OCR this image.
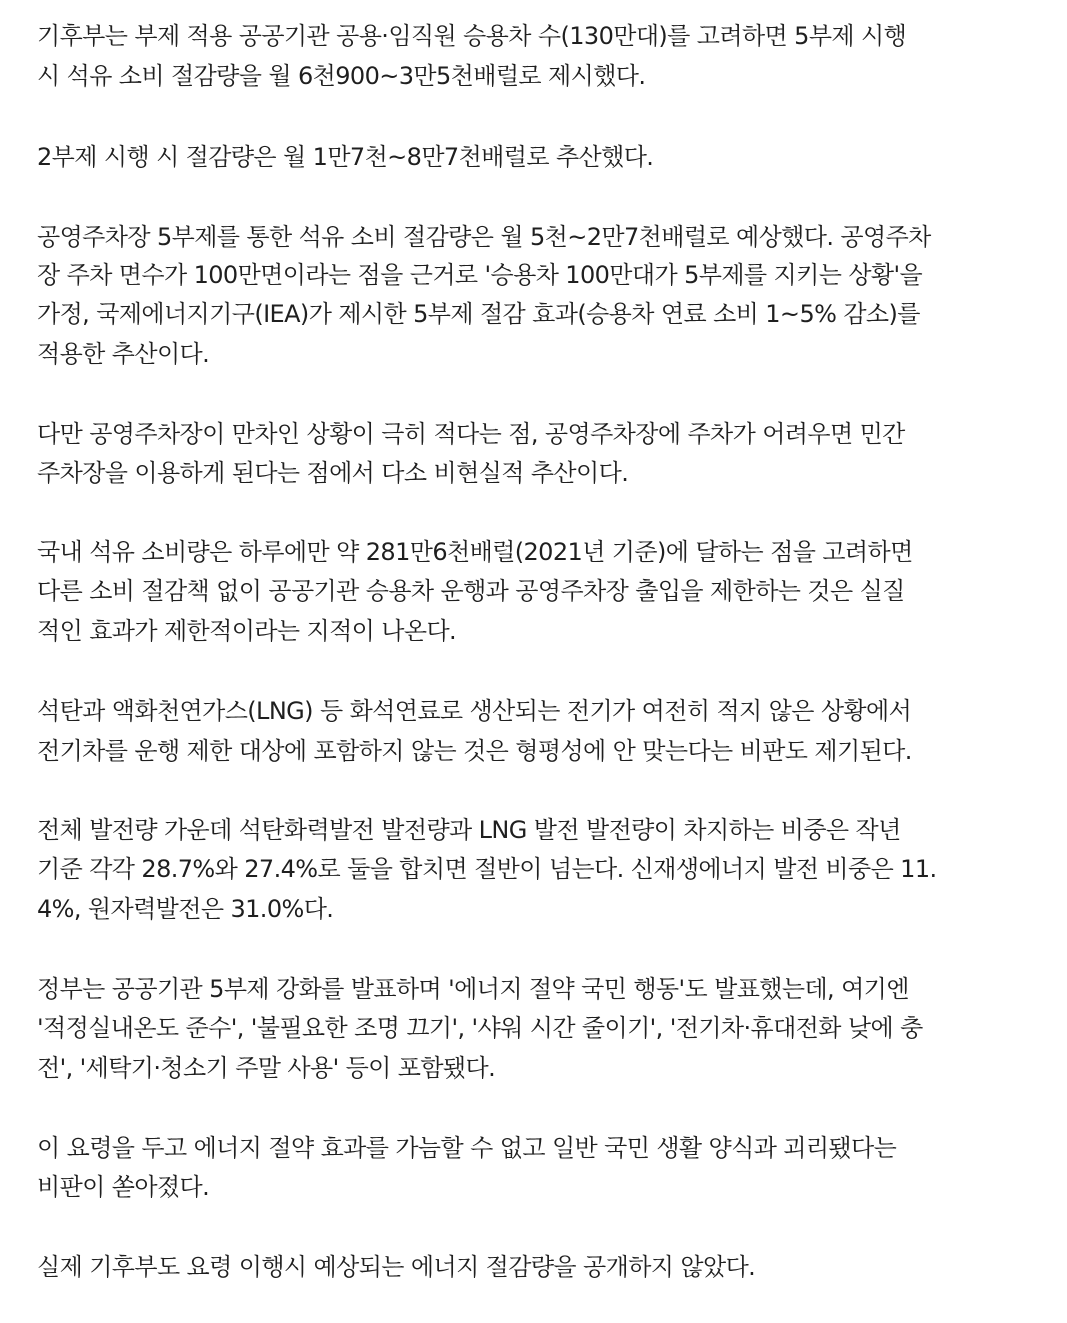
기후부는 부제 적용 공공기관 공용·임직원 승용차 수(130만대)를 고려하면 5부제 시행
시 석유 소비 절감량을 월 6천900~3만5천배럴로 제시했다.
2부제 시행 시 절감량은 월 1만7천~8만7천배럴로 추산했다.
공영주차장 5부제를 통한 석유 소비 절감량은 월 5천~2만7천배럴로 예상했다. 공영주차
장 주차 면수가 100만면이라는 점을 근거로 '승용차 100만대가 5부제를 지키는 상황'을
가정, 국제에너지기구(IEA)가 제시한 5부제 절감 효과(승용차 연료 소비 1~5% 감소)를
적용한 추산이다.
다만 공영주차장이 만차인 상황이 극히 적다는 점, 공영주차장에 주차가 어려우면 민간
주차장을 이용하게 된다는 점에서 다소 비현실적 추산이다.
국내 석유 소비량은 하루에만 약 281만6천배럴(2021년 기준)에 달하는 점을 고려하면
다른 소비 절감책 없이 공공기관 승용차 운행과 공영주차장 출입을 제한하는 것은 실질
적인 효과가 제한적이라는 지적이 나온다.
석탄과 액화천연가스(LNG) 등 화석연료로 생산되는 전기가 여전히 적지 않은 상황에서
전기차를 운행 제한 대상에 포함하지 않는 것은 형평성에 안 맞는다는 비판도 제기된다.
전체 발전량 가운데 석탄화력발전 발전량과 LNG 발전 발전량이 차지하는 비중은 작년
기준 각각 28.7%와 27.4%로 둘을 합치면 절반이 넘는다. 신재생에너지 발전 비중은 11.
4%, 원자력발전은 31.0%다.
정부는 공공기관 5부제 강화를 발표하며 '에너지 절약 국민 행동'도 발표했는데, 여기엔
'적정실내온도 준수', '불필요한 조명 끄기', '샤워 시간 줄이기', '전기차·휴대전화 낮에 충
전', '세탁기·청소기 주말 사용' 등이 포함됐다.
이 요령을 두고 에너지 절약 효과를 가늠할 수 없고 일반 국민 생활 양식과 괴리됐다는
비판이 쏟아졌다.
실제 기후부도 요령 이행시 예상되는 에너지 절감량을 공개하지 않았다.
